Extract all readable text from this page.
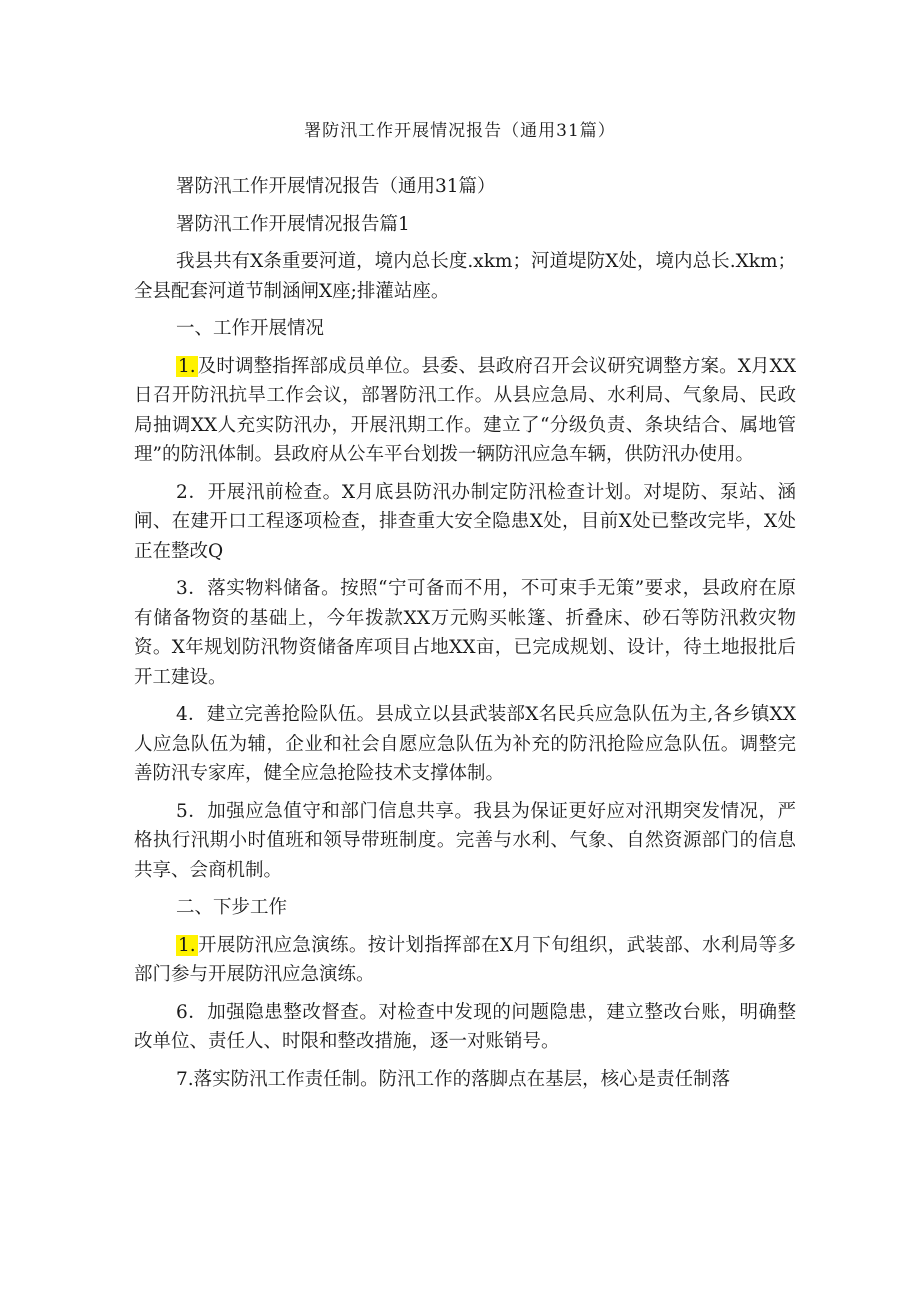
署防汛工作开展情况报告（通用31篇）

署防汛工作开展情况报告（通用31篇）

署防汛工作开展情况报告篇1

我县共有X条重要河道，境内总长度.xkm；河道堤防X处，境内总长.Xkm；全县配套河道节制涵闸X座;排灌站座。

一、工作开展情况

1. 及时调整指挥部成员单位。县委、县政府召开会议研究调整方案。X月XX日召开防汛抗旱工作会议，部署防汛工作。从县应急局、水利局、气象局、民政局抽调XX人充实防汛办，开展汛期工作。建立了“分级负责、条块结合、属地管理”的防汛体制。县政府从公车平台划拨一辆防汛应急车辆，供防汛办使用。

2．开展汛前检查。X月底县防汛办制定防汛检查计划。对堤防、泵站、涵闸、在建开口工程逐项检查，排查重大安全隐患X处，目前X处已整改完毕，X处正在整改Q

3．落实物料储备。按照“宁可备而不用，不可束手无策”要求，县政府在原有储备物资的基础上，今年拨款XX万元购买帐篷、折叠床、砂石等防汛救灾物资。X年规划防汛物资储备库项目占地XX亩，已完成规划、设计，待土地报批后开工建设。

4．建立完善抢险队伍。县成立以县武装部X名民兵应急队伍为主,各乡镇XX人应急队伍为辅，企业和社会自愿应急队伍为补充的防汛抢险应急队伍。调整完善防汛专家库，健全应急抢险技术支撑体制。

5．加强应急值守和部门信息共享。我县为保证更好应对汛期突发情况，严格执行汛期小时值班和领导带班制度。完善与水利、气象、自然资源部门的信息共享、会商机制。

二、下步工作

1. 开展防汛应急演练。按计划指挥部在X月下旬组织，武装部、水利局等多部门参与开展防汛应急演练。

6．加强隐患整改督查。对检查中发现的问题隐患，建立整改台账，明确整改单位、责任人、时限和整改措施，逐一对账销号。

7.落实防汛工作责任制。防汛工作的落脚点在基层，核心是责任制落
